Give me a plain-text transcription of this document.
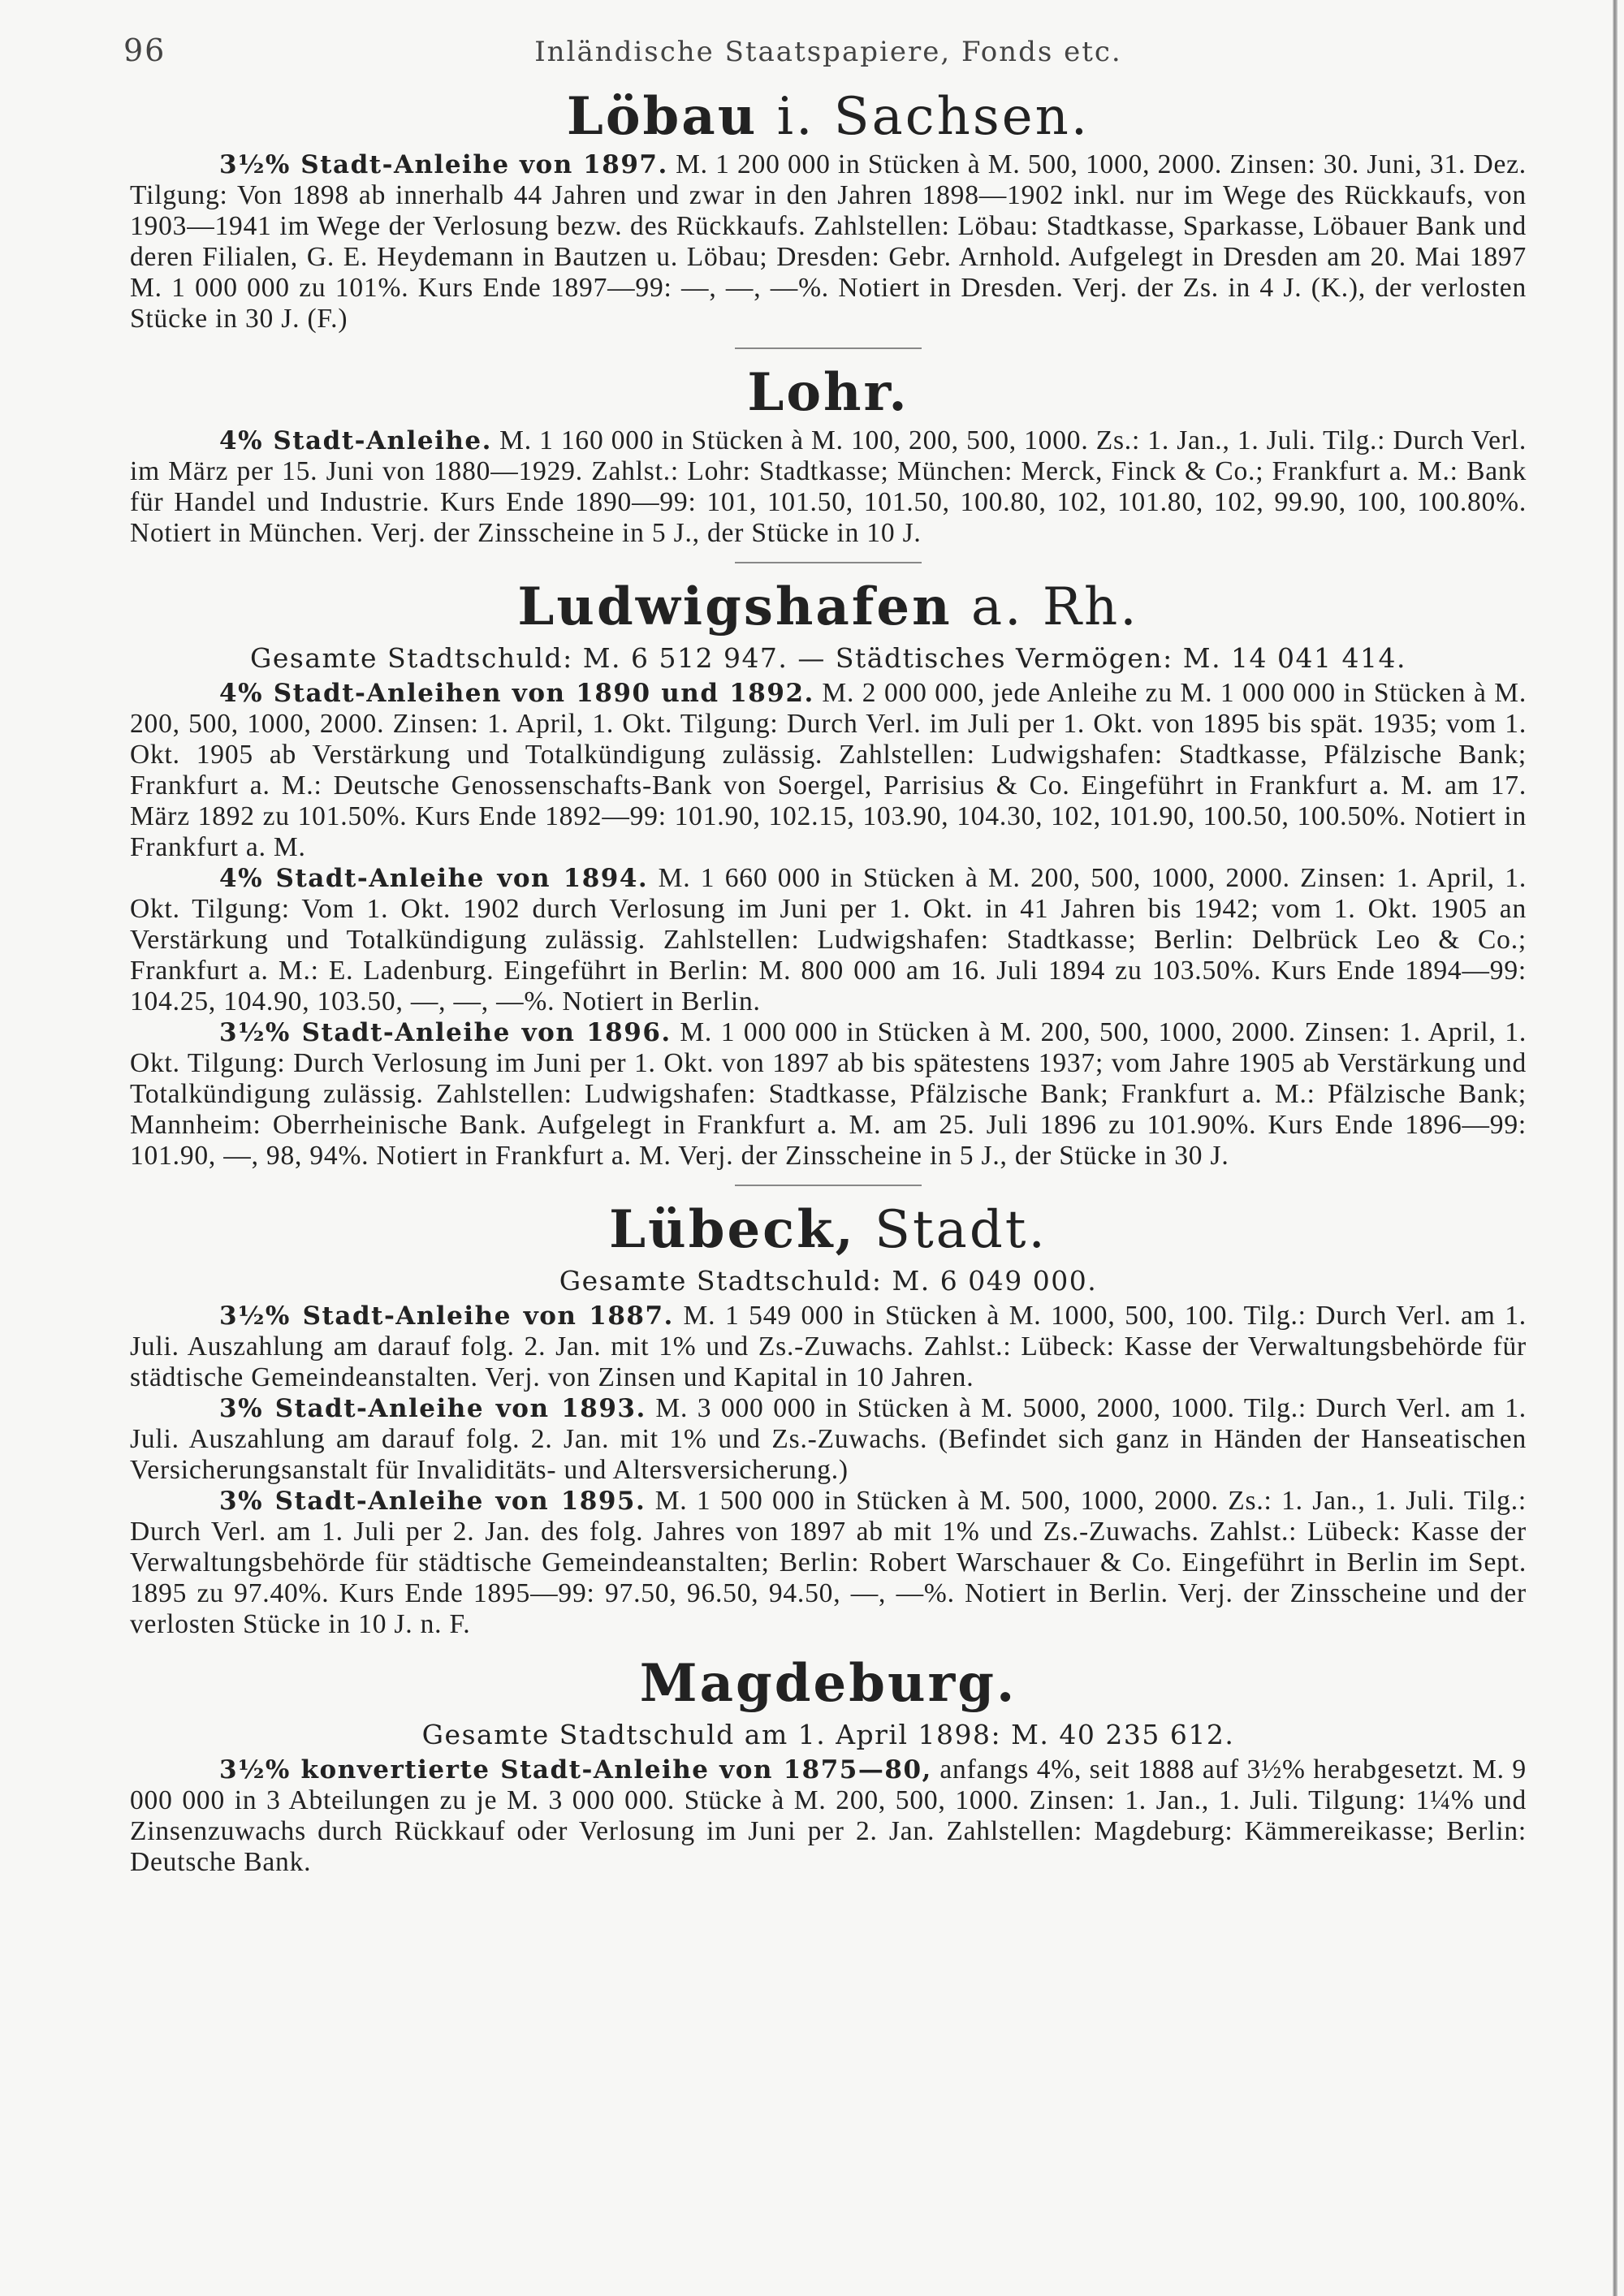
96	Inländische Staatspapiere, Fonds etc.
Löbau i. Sachsen.

3½% Stadt-Anleihe von 1897. M. 1 200 000 in Stücken à M. 500, 1000, 2000. Zinsen: 30. Juni, 31. Dez. Tilgung: Von 1898 ab innerhalb 44 Jahren und zwar in den Jahren 1898—1902 inkl. nur im Wege des Rückkaufs, von 1903—1941 im Wege der Verlosung bezw. des Rückkaufs. Zahlstellen: Löbau: Stadtkasse, Sparkasse, Löbauer Bank und deren Filialen, G. E. Heydemann in Bautzen u. Löbau; Dresden: Gebr. Arnhold. Aufgelegt in Dresden am 20. Mai 1897 M. 1 000 000 zu 101%. Kurs Ende 1897—99: —, —, —%. Notiert in Dresden. Verj. der Zs. in 4 J. (K.), der verlosten Stücke in 30 J. (F.)

Lohr.

4% Stadt-Anleihe. M. 1 160 000 in Stücken à M. 100, 200, 500, 1000. Zs.: 1. Jan., 1. Juli. Tilg.: Durch Verl. im März per 15. Juni von 1880—1929. Zahlst.: Lohr: Stadtkasse; München: Merck, Finck & Co.; Frankfurt a. M.: Bank für Handel und Industrie. Kurs Ende 1890—99: 101, 101.50, 101.50, 100.80, 102, 101.80, 102, 99.90, 100, 100.80%. Notiert in München. Verj. der Zinsscheine in 5 J., der Stücke in 10 J.

Ludwigshafen a. Rh.
Gesamte Stadtschuld: M. 6 512 947. — Städtisches Vermögen: M. 14 041 414.

4% Stadt-Anleihen von 1890 und 1892. M. 2 000 000, jede Anleihe zu M. 1 000 000 in Stücken à M. 200, 500, 1000, 2000. Zinsen: 1. April, 1. Okt. Tilgung: Durch Verl. im Juli per 1. Okt. von 1895 bis spät. 1935; vom 1. Okt. 1905 ab Verstärkung und Totalkündigung zulässig. Zahlstellen: Ludwigshafen: Stadtkasse, Pfälzische Bank; Frankfurt a. M.: Deutsche Genossenschafts-Bank von Soergel, Parrisius & Co. Eingeführt in Frankfurt a. M. am 17. März 1892 zu 101.50%. Kurs Ende 1892—99: 101.90, 102.15, 103.90, 104.30, 102, 101.90, 100.50, 100.50%. Notiert in Frankfurt a. M.

4% Stadt-Anleihe von 1894. M. 1 660 000 in Stücken à M. 200, 500, 1000, 2000. Zinsen: 1. April, 1. Okt. Tilgung: Vom 1. Okt. 1902 durch Verlosung im Juni per 1. Okt. in 41 Jahren bis 1942; vom 1. Okt. 1905 an Verstärkung und Totalkündigung zulässig. Zahlstellen: Ludwigshafen: Stadtkasse; Berlin: Delbrück Leo & Co.; Frankfurt a. M.: E. Ladenburg. Eingeführt in Berlin: M. 800 000 am 16. Juli 1894 zu 103.50%. Kurs Ende 1894—99: 104.25, 104.90, 103.50, —, —, —%. Notiert in Berlin.

3½% Stadt-Anleihe von 1896. M. 1 000 000 in Stücken à M. 200, 500, 1000, 2000. Zinsen: 1. April, 1. Okt. Tilgung: Durch Verlosung im Juni per 1. Okt. von 1897 ab bis spätestens 1937; vom Jahre 1905 ab Verstärkung und Totalkündigung zulässig. Zahlstellen: Ludwigshafen: Stadtkasse, Pfälzische Bank; Frankfurt a. M.: Pfälzische Bank; Mannheim: Oberrheinische Bank. Aufgelegt in Frankfurt a. M. am 25. Juli 1896 zu 101.90%. Kurs Ende 1896—99: 101.90, —, 98, 94%. Notiert in Frankfurt a. M. Verj. der Zinsscheine in 5 J., der Stücke in 30 J.

Lübeck, Stadt.
Gesamte Stadtschuld: M. 6 049 000.

3½% Stadt-Anleihe von 1887. M. 1 549 000 in Stücken à M. 1000, 500, 100. Tilg.: Durch Verl. am 1. Juli. Auszahlung am darauf folg. 2. Jan. mit 1% und Zs.-Zuwachs. Zahlst.: Lübeck: Kasse der Verwaltungsbehörde für städtische Gemeindeanstalten. Verj. von Zinsen und Kapital in 10 Jahren.

3% Stadt-Anleihe von 1893. M. 3 000 000 in Stücken à M. 5000, 2000, 1000. Tilg.: Durch Verl. am 1. Juli. Auszahlung am darauf folg. 2. Jan. mit 1% und Zs.-Zuwachs. (Befindet sich ganz in Händen der Hanseatischen Versicherungsanstalt für Invaliditäts- und Altersversicherung.)

3% Stadt-Anleihe von 1895. M. 1 500 000 in Stücken à M. 500, 1000, 2000. Zs.: 1. Jan., 1. Juli. Tilg.: Durch Verl. am 1. Juli per 2. Jan. des folg. Jahres von 1897 ab mit 1% und Zs.-Zuwachs. Zahlst.: Lübeck: Kasse der Verwaltungsbehörde für städtische Gemeindeanstalten; Berlin: Robert Warschauer & Co. Eingeführt in Berlin im Sept. 1895 zu 97.40%. Kurs Ende 1895—99: 97.50, 96.50, 94.50, —, —%. Notiert in Berlin. Verj. der Zinsscheine und der verlosten Stücke in 10 J. n. F.

Magdeburg.
Gesamte Stadtschuld am 1. April 1898: M. 40 235 612.

3½% konvertierte Stadt-Anleihe von 1875—80, anfangs 4%, seit 1888 auf 3½% herabgesetzt. M. 9 000 000 in 3 Abteilungen zu je M. 3 000 000. Stücke à M. 200, 500, 1000. Zinsen: 1. Jan., 1. Juli. Tilgung: 1¼% und Zinsenzuwachs durch Rückkauf oder Verlosung im Juni per 2. Jan. Zahlstellen: Magdeburg: Kämmereikasse; Berlin: Deutsche Bank.
